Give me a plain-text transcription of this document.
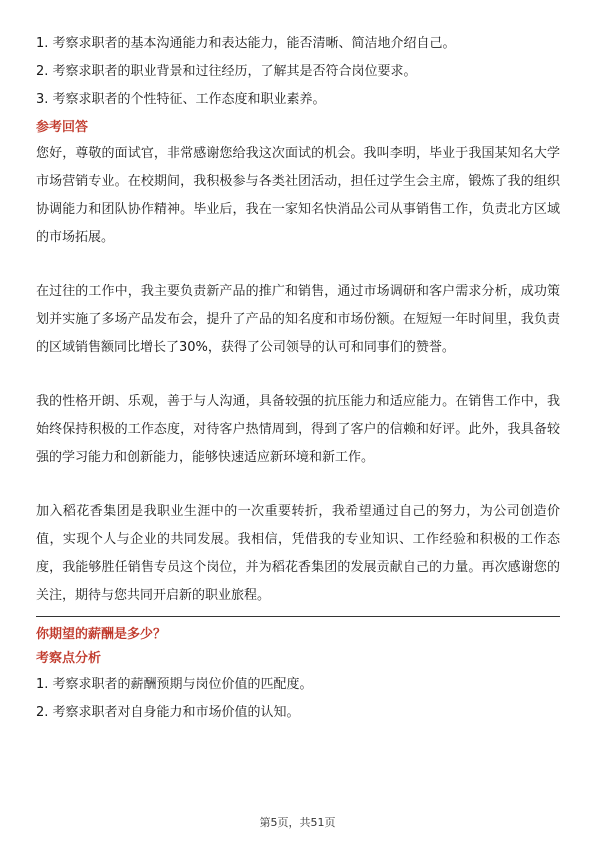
1. 考察求职者的基本沟通能力和表达能力，能否清晰、简洁地介绍自己。

2. 考察求职者的职业背景和过往经历，了解其是否符合岗位要求。

3. 考察求职者的个性特征、工作态度和职业素养。

参考回答

您好，尊敬的面试官，非常感谢您给我这次面试的机会。我叫李明，毕业于我国某知名大学市场营销专业。在校期间，我积极参与各类社团活动，担任过学生会主席，锻炼了我的组织协调能力和团队协作精神。毕业后，我在一家知名快消品公司从事销售工作，负责北方区域的市场拓展。

在过往的工作中，我主要负责新产品的推广和销售，通过市场调研和客户需求分析，成功策划并实施了多场产品发布会，提升了产品的知名度和市场份额。在短短一年时间里，我负责的区域销售额同比增长了30%，获得了公司领导的认可和同事们的赞誉。

我的性格开朗、乐观，善于与人沟通，具备较强的抗压能力和适应能力。在销售工作中，我始终保持积极的工作态度，对待客户热情周到，得到了客户的信赖和好评。此外，我具备较强的学习能力和创新能力，能够快速适应新环境和新工作。

加入稻花香集团是我职业生涯中的一次重要转折，我希望通过自己的努力，为公司创造价值，实现个人与企业的共同发展。我相信，凭借我的专业知识、工作经验和积极的工作态度，我能够胜任销售专员这个岗位，并为稻花香集团的发展贡献自己的力量。再次感谢您的关注，期待与您共同开启新的职业旅程。

你期望的薪酬是多少？

考察点分析

1. 考察求职者的薪酬预期与岗位价值的匹配度。

2. 考察求职者对自身能力和市场价值的认知。

第5页，共51页
